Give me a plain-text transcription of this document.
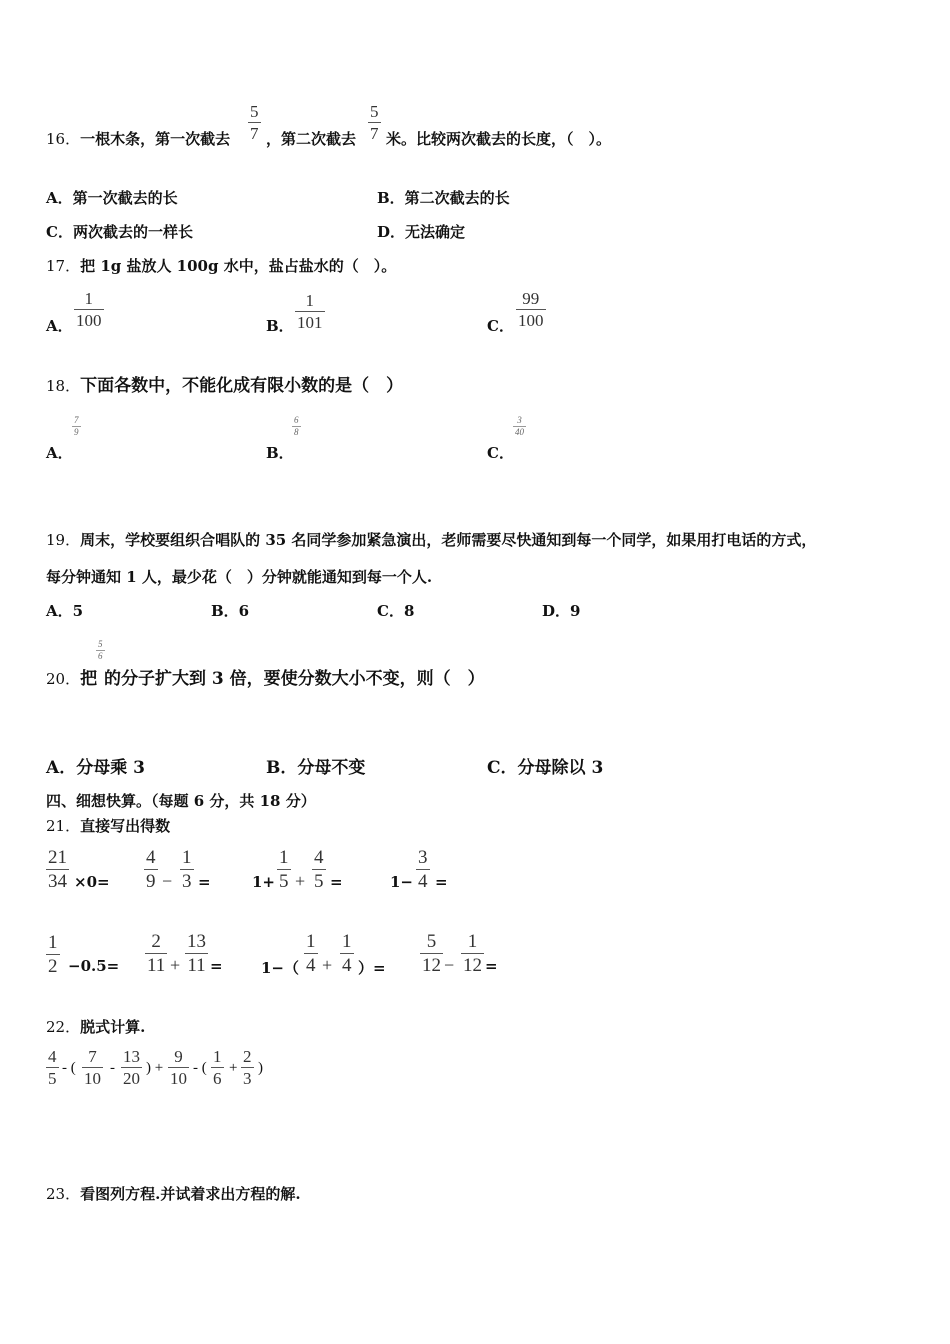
16．一根木条，第一次截去
5
7 ，第二次截去
5
7 米。比较两次截去的长度，（　）。
A．第一次截去的长	B．第二次截去的长
C．两次截去的一样长	D．无法确定
17．把 1g 盐放人 100g 水中，盐占盐水的（　）。
A．
1
100	B．
1
101	C．
99
100
18．下面各数中，不能化成有限小数的是（　）
A．
7
9
B．
6
8
C．
3
40
19．周末，学校要组织合唱队的 35 名同学参加紧急演出，老师需要尽快通知到每一个同学，如果用打电话的方式，
每分钟通知 1 人，最少花（　）分钟就能通知到每一个人.
A．5	B．6	C．8	D．9
20．把
5
6
的分子扩大到 3 倍，要使分数大小不变，则（　）
A．分母乘 3	B．分母不变	C．分母除以 3
四、细想快算。（每题 6 分，共 18 分）
21．直接写出得数
21
34 ×0=
4
9 −
1
3 =	1+
1
5 +
4
5 =	1−
3
4 =
1
2 −0.5=
2
11 +
13
11 =	1−（
1
4 +
1
4 ）=
5
12 −
1
12 =
22．脱式计算.
4
5
- (
7
10
-
13
20
) +
9
10
- (
1
6
+
2
3
)
23．看图列方程.并试着求出方程的解.
